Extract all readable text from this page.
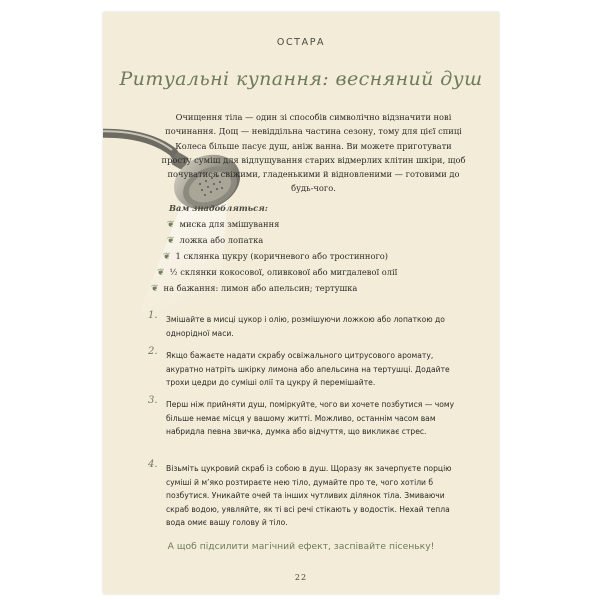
ОСТАРА
Ритуальні купання: весняний душ
Очищення тіла — один зі способів символічно відзначити нові починання. Дощ — невіддільна частина сезону, тому для цієї спиці Колеса більше пасує душ, аніж ванна. Ви можете приготувати просту суміш для відлущування старих відмерлих клітин шкіри, щоб почуватися свіжими, гладенькими й відновленими — готовими до будь-чого.
Вам знадобляться:
❦ миска для змішування
❦ ложка або лопатка
❦ 1 склянка цукру (коричневого або тростинного)
❦ ½ склянки кокосової, оливкової або мигдалевої олії
❦ на бажання: лимон або апельсин; тертушка
1. Змішайте в мисці цукор і олію, розмішуючи ложкою або лопаткою до однорідної маси.
2. Якщо бажаєте надати скрабу освіжального цитрусового аромату, акуратно натріть шкірку лимона або апельсина на тертушці. Додайте трохи цедри до суміші олії та цукру й перемішайте.
3. Перш ніж прийняти душ, поміркуйте, чого ви хочете позбутися — чому більше немає місця у вашому житті. Можливо, останнім часом вам набридла певна звичка, думка або відчуття, що викликає стрес.
4. Візьміть цукровий скраб із собою в душ. Щоразу як зачерпуєте порцію суміші й м’яко розтираєте нею тіло, думайте про те, чого хотіли б позбутися. Уникайте очей та інших чутливих ділянок тіла. Змиваючи скраб водою, уявляйте, як ті всі речі стікають у водостік. Нехай тепла вода омиє вашу голову й тіло.
А щоб підсилити магічний ефект, заспівайте пісеньку!
22
